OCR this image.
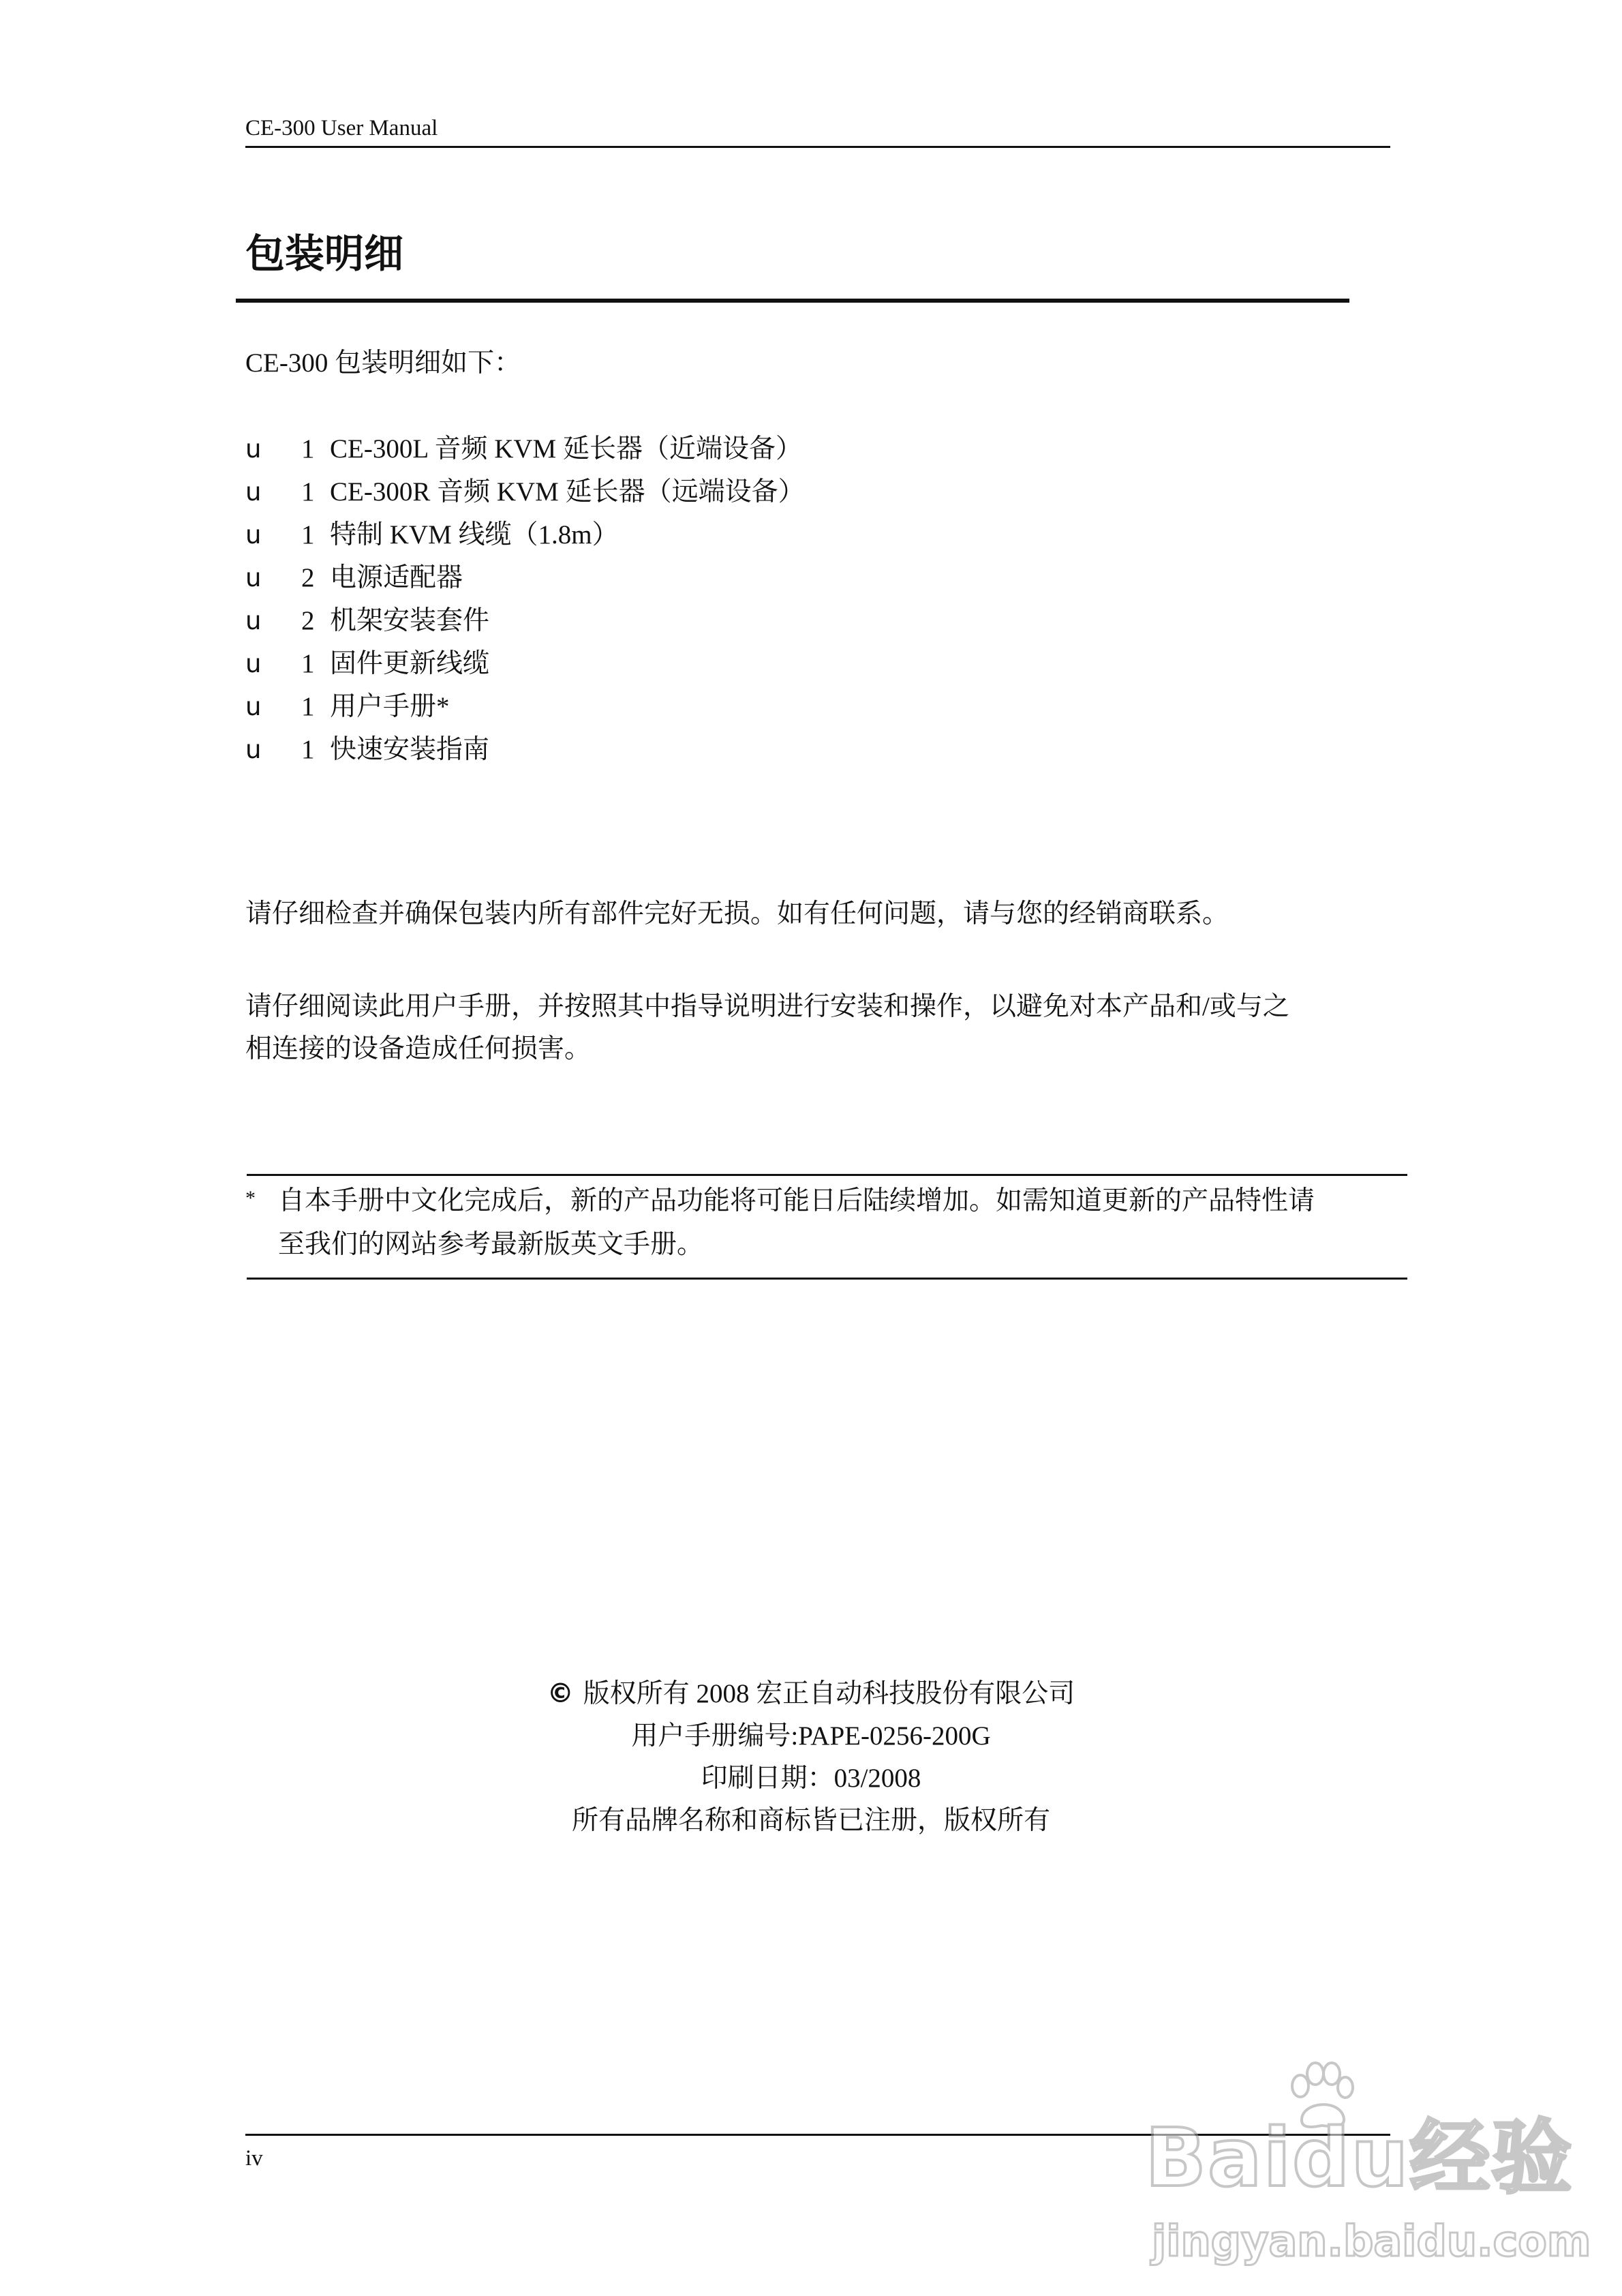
CE-300 User Manual
包装明细
CE-300 包装明细如下：
u	1 CE-300L 音频 KVM 延长器（近端设备）
u	1 CE-300R 音频 KVM 延长器（远端设备）
u	1 特制 KVM 线缆（1.8m）
u	2 电源适配器
u	2 机架安装套件
u	1 固件更新线缆
u	1 用户手册*
u	1 快速安装指南
请仔细检查并确保包装内所有部件完好无损。如有任何问题，请与您的经销商联系。
请仔细阅读此用户手册，并按照其中指导说明进行安装和操作，以避免对本产品和/或与之
相连接的设备造成任何损害。
* 自本手册中文化完成后，新的产品功能将可能日后陆续增加。如需知道更新的产品特性请
至我们的网站参考最新版英文手册。
© 版权所有 2008 宏正自动科技股份有限公司
用户手册编号:PAPE-0256-200G
印刷日期：03/2008
所有品牌名称和商标皆已注册，版权所有
iv	Baidu经验
jingyan.baidu.com
